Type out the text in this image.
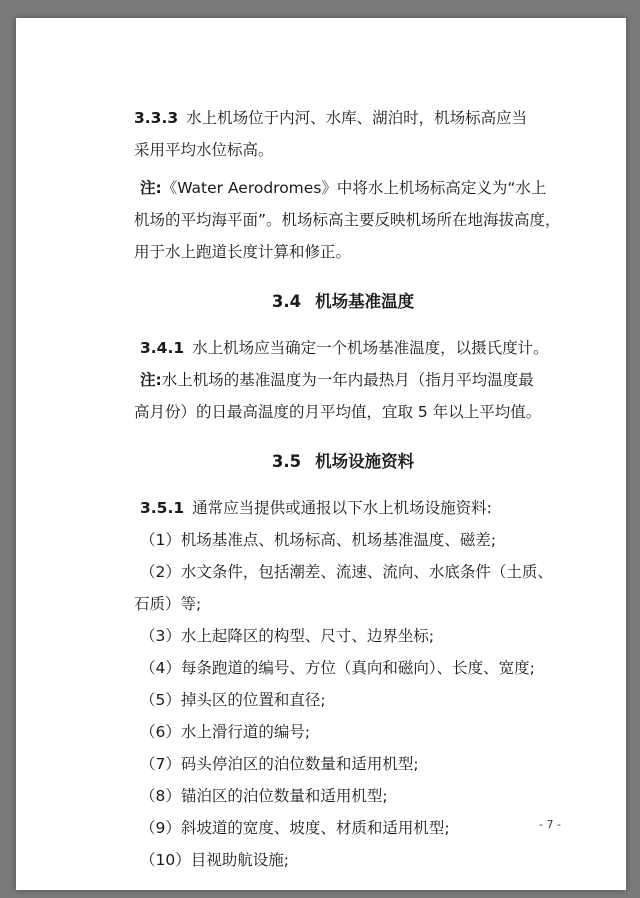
3.3.3 水上机场位于内河、水库、湖泊时，机场标高应当
采用平均水位标高。
注:《Water Aerodromes》中将水上机场标高定义为“水上
机场的平均海平面”。机场标高主要反映机场所在地海拔高度，
用于水上跑道长度计算和修正。
3.4 机场基准温度
3.4.1 水上机场应当确定一个机场基准温度，以摄氏度计。
注:水上机场的基准温度为一年内最热月（指月平均温度最
高月份）的日最高温度的月平均值，宜取 5 年以上平均值。
3.5 机场设施资料
3.5.1 通常应当提供或通报以下水上机场设施资料:
（1）机场基准点、机场标高、机场基准温度、磁差;
（2）水文条件，包括潮差、流速、流向、水底条件（土质、
石质）等;
（3）水上起降区的构型、尺寸、边界坐标;
（4）每条跑道的编号、方位（真向和磁向）、长度、宽度;
（5）掉头区的位置和直径;
（6）水上滑行道的编号;
（7）码头停泊区的泊位数量和适用机型;
（8）锚泊区的泊位数量和适用机型;
（9）斜坡道的宽度、坡度、材质和适用机型;
（10）目视助航设施;
- 7 -
